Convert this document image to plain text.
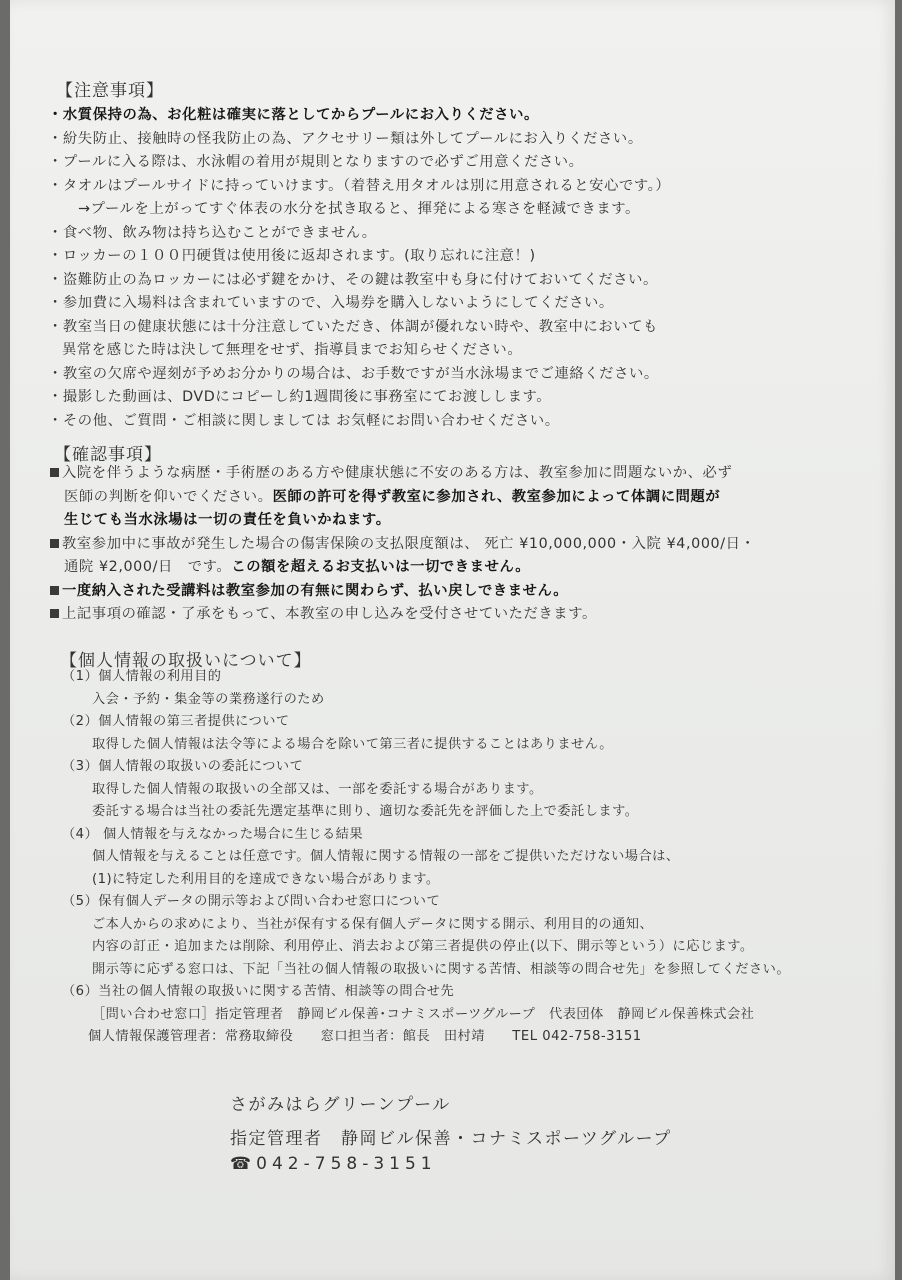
【注意事項】
・水質保持の為、お化粧は確実に落としてからプールにお入りください。
・紛失防止、接触時の怪我防止の為、アクセサリー類は外してプールにお入りください。
・プールに入る際は、水泳帽の着用が規則となりますので必ずご用意ください。
・タオルはプールサイドに持っていけます。（着替え用タオルは別に用意されると安心です。）
→プールを上がってすぐ体表の水分を拭き取ると、揮発による寒さを軽減できます。
・食べ物、飲み物は持ち込むことができません。
・ロッカーの１００円硬貨は使用後に返却されます。(取り忘れに注意！)
・盗難防止の為ロッカーには必ず鍵をかけ、その鍵は教室中も身に付けておいてください。
・参加費に入場料は含まれていますので、入場券を購入しないようにしてください。
・教室当日の健康状態には十分注意していただき、体調が優れない時や、教室中においても
異常を感じた時は決して無理をせず、指導員までお知らせください。
・教室の欠席や遅刻が予めお分かりの場合は、お手数ですが当水泳場までご連絡ください。
・撮影した動画は、DVDにコピーし約1週間後に事務室にてお渡しします。
・その他、ご質問・ご相談に関しましては お気軽にお問い合わせください。
【確認事項】
入院を伴うような病歴・手術歴のある方や健康状態に不安のある方は、教室参加に問題ないか、必ず
医師の判断を仰いでください。医師の許可を得ず教室に参加され、教室参加によって体調に問題が
生じても当水泳場は一切の責任を負いかねます。
教室参加中に事故が発生した場合の傷害保険の支払限度額は、 死亡 ¥10,000,000・入院 ¥4,000/日・
通院 ¥2,000/日　です。この額を超えるお支払いは一切できません。
一度納入された受講料は教室参加の有無に関わらず、払い戻しできません。
上記事項の確認・了承をもって、本教室の申し込みを受付させていただきます。
【個人情報の取扱いについて】
（1）個人情報の利用目的
入会・予約・集金等の業務遂行のため
（2）個人情報の第三者提供について
取得した個人情報は法令等による場合を除いて第三者に提供することはありません。
（3）個人情報の取扱いの委託について
取得した個人情報の取扱いの全部又は、一部を委託する場合があります。
委託する場合は当社の委託先選定基準に則り、適切な委託先を評価した上で委託します。
（4） 個人情報を与えなかった場合に生じる結果
個人情報を与えることは任意です。個人情報に関する情報の一部をご提供いただけない場合は、
(1)に特定した利用目的を達成できない場合があります。
（5）保有個人データの開示等および問い合わせ窓口について
ご本人からの求めにより、当社が保有する保有個人データに関する開示、利用目的の通知、
内容の訂正・追加または削除、利用停止、消去および第三者提供の停止(以下、開示等という）に応じます。
開示等に応ずる窓口は、下記「当社の個人情報の取扱いに関する苦情、相談等の問合せ先」を参照してください。
（6）当社の個人情報の取扱いに関する苦情、相談等の問合せ先
［問い合わせ窓口］指定管理者　静岡ビル保善･コナミスポーツグループ　代表団体　静岡ビル保善株式会社
個人情報保護管理者：常務取締役　　窓口担当者：館長　田村靖　　TEL 042-758-3151
さがみはらグリーンプール
指定管理者　静岡ビル保善・コナミスポーツグループ
☎042-758-3151
